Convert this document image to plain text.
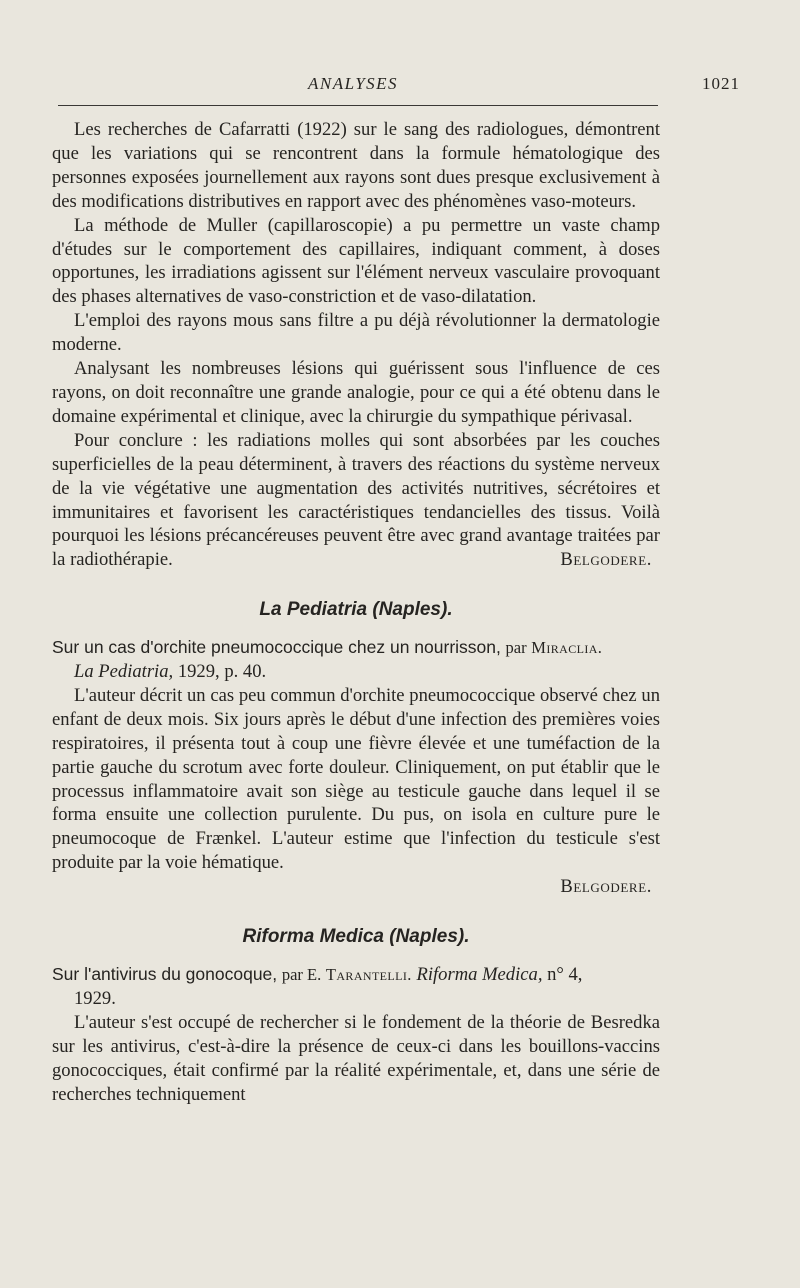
ANALYSES	1021

Les recherches de Cafarratti (1922) sur le sang des radiologues, démontrent que les variations qui se rencontrent dans la formule hématologique des personnes exposées journellement aux rayons sont dues presque exclusivement à des modifications distributives en rapport avec des phénomènes vaso-moteurs.

La méthode de Muller (capillaroscopie) a pu permettre un vaste champ d'études sur le comportement des capillaires, indiquant comment, à doses opportunes, les irradiations agissent sur l'élément nerveux vasculaire provoquant des phases alternatives de vaso-constriction et de vaso-dilatation.

L'emploi des rayons mous sans filtre a pu déjà révolutionner la dermatologie moderne.

Analysant les nombreuses lésions qui guérissent sous l'influence de ces rayons, on doit reconnaître une grande analogie, pour ce qui a été obtenu dans le domaine expérimental et clinique, avec la chirurgie du sympathique périvasal.

Pour conclure : les radiations molles qui sont absorbées par les couches superficielles de la peau déterminent, à travers des réactions du système nerveux de la vie végétative une augmentation des activités nutritives, sécrétoires et immunitaires et favorisent les caractéristiques tendancielles des tissus. Voilà pourquoi les lésions précancéreuses peuvent être avec grand avantage traitées par la radiothérapie.	Belgodere.

La Pediatria (Naples).

Sur un cas d'orchite pneumococcique chez un nourrisson, par Miraclia.
La Pediatria, 1929, p. 40.

L'auteur décrit un cas peu commun d'orchite pneumococcique observé chez un enfant de deux mois. Six jours après le début d'une infection des premières voies respiratoires, il présenta tout à coup une fièvre élevée et une tuméfaction de la partie gauche du scrotum avec forte douleur. Cliniquement, on put établir que le processus inflammatoire avait son siège au testicule gauche dans lequel il se forma ensuite une collection purulente. Du pus, on isola en culture pure le pneumocoque de Frænkel. L'auteur estime que l'infection du testicule s'est produite par la voie hématique.

Belgodere.

Riforma Medica (Naples).

Sur l'antivirus du gonocoque, par E. Tarantelli. Riforma Medica, n° 4,
1929.

L'auteur s'est occupé de rechercher si le fondement de la théorie de Besredka sur les antivirus, c'est-à-dire la présence de ceux-ci dans les bouillons-vaccins gonococciques, était confirmé par la réalité expérimentale, et, dans une série de recherches techniquement
